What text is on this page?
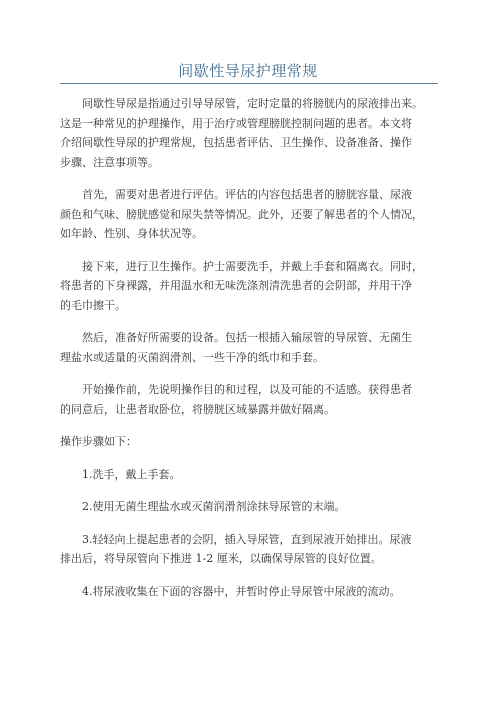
间歇性导尿护理常规

间歇性导尿是指通过引导导尿管，定时定量的将膀胱内的尿液排出来。
这是一种常见的护理操作，用于治疗或管理膀胱控制问题的患者。本文将
介绍间歇性导尿的护理常规，包括患者评估、卫生操作、设备准备、操作
步骤、注意事项等。

首先，需要对患者进行评估。评估的内容包括患者的膀胱容量、尿液
颜色和气味、膀胱感觉和尿失禁等情况。此外，还要了解患者的个人情况，
如年龄、性别、身体状况等。

接下来，进行卫生操作。护士需要洗手，并戴上手套和隔离衣。同时，
将患者的下身裸露，并用温水和无味洗涤剂清洗患者的会阴部，并用干净
的毛巾擦干。

然后，准备好所需要的设备。包括一根插入输尿管的导尿管、无菌生
理盐水或适量的灭菌润滑剂、一些干净的纸巾和手套。

开始操作前，先说明操作目的和过程，以及可能的不适感。获得患者
的同意后，让患者取卧位，将膀胱区域暴露并做好隔离。

操作步骤如下：

1.洗手，戴上手套。

2.使用无菌生理盐水或灭菌润滑剂涂抹导尿管的末端。

3.轻轻向上提起患者的会阴，插入导尿管，直到尿液开始排出。尿液
排出后，将导尿管向下推进 1-2 厘米，以确保导尿管的良好位置。

4.将尿液收集在下面的容器中，并暂时停止导尿管中尿液的流动。
